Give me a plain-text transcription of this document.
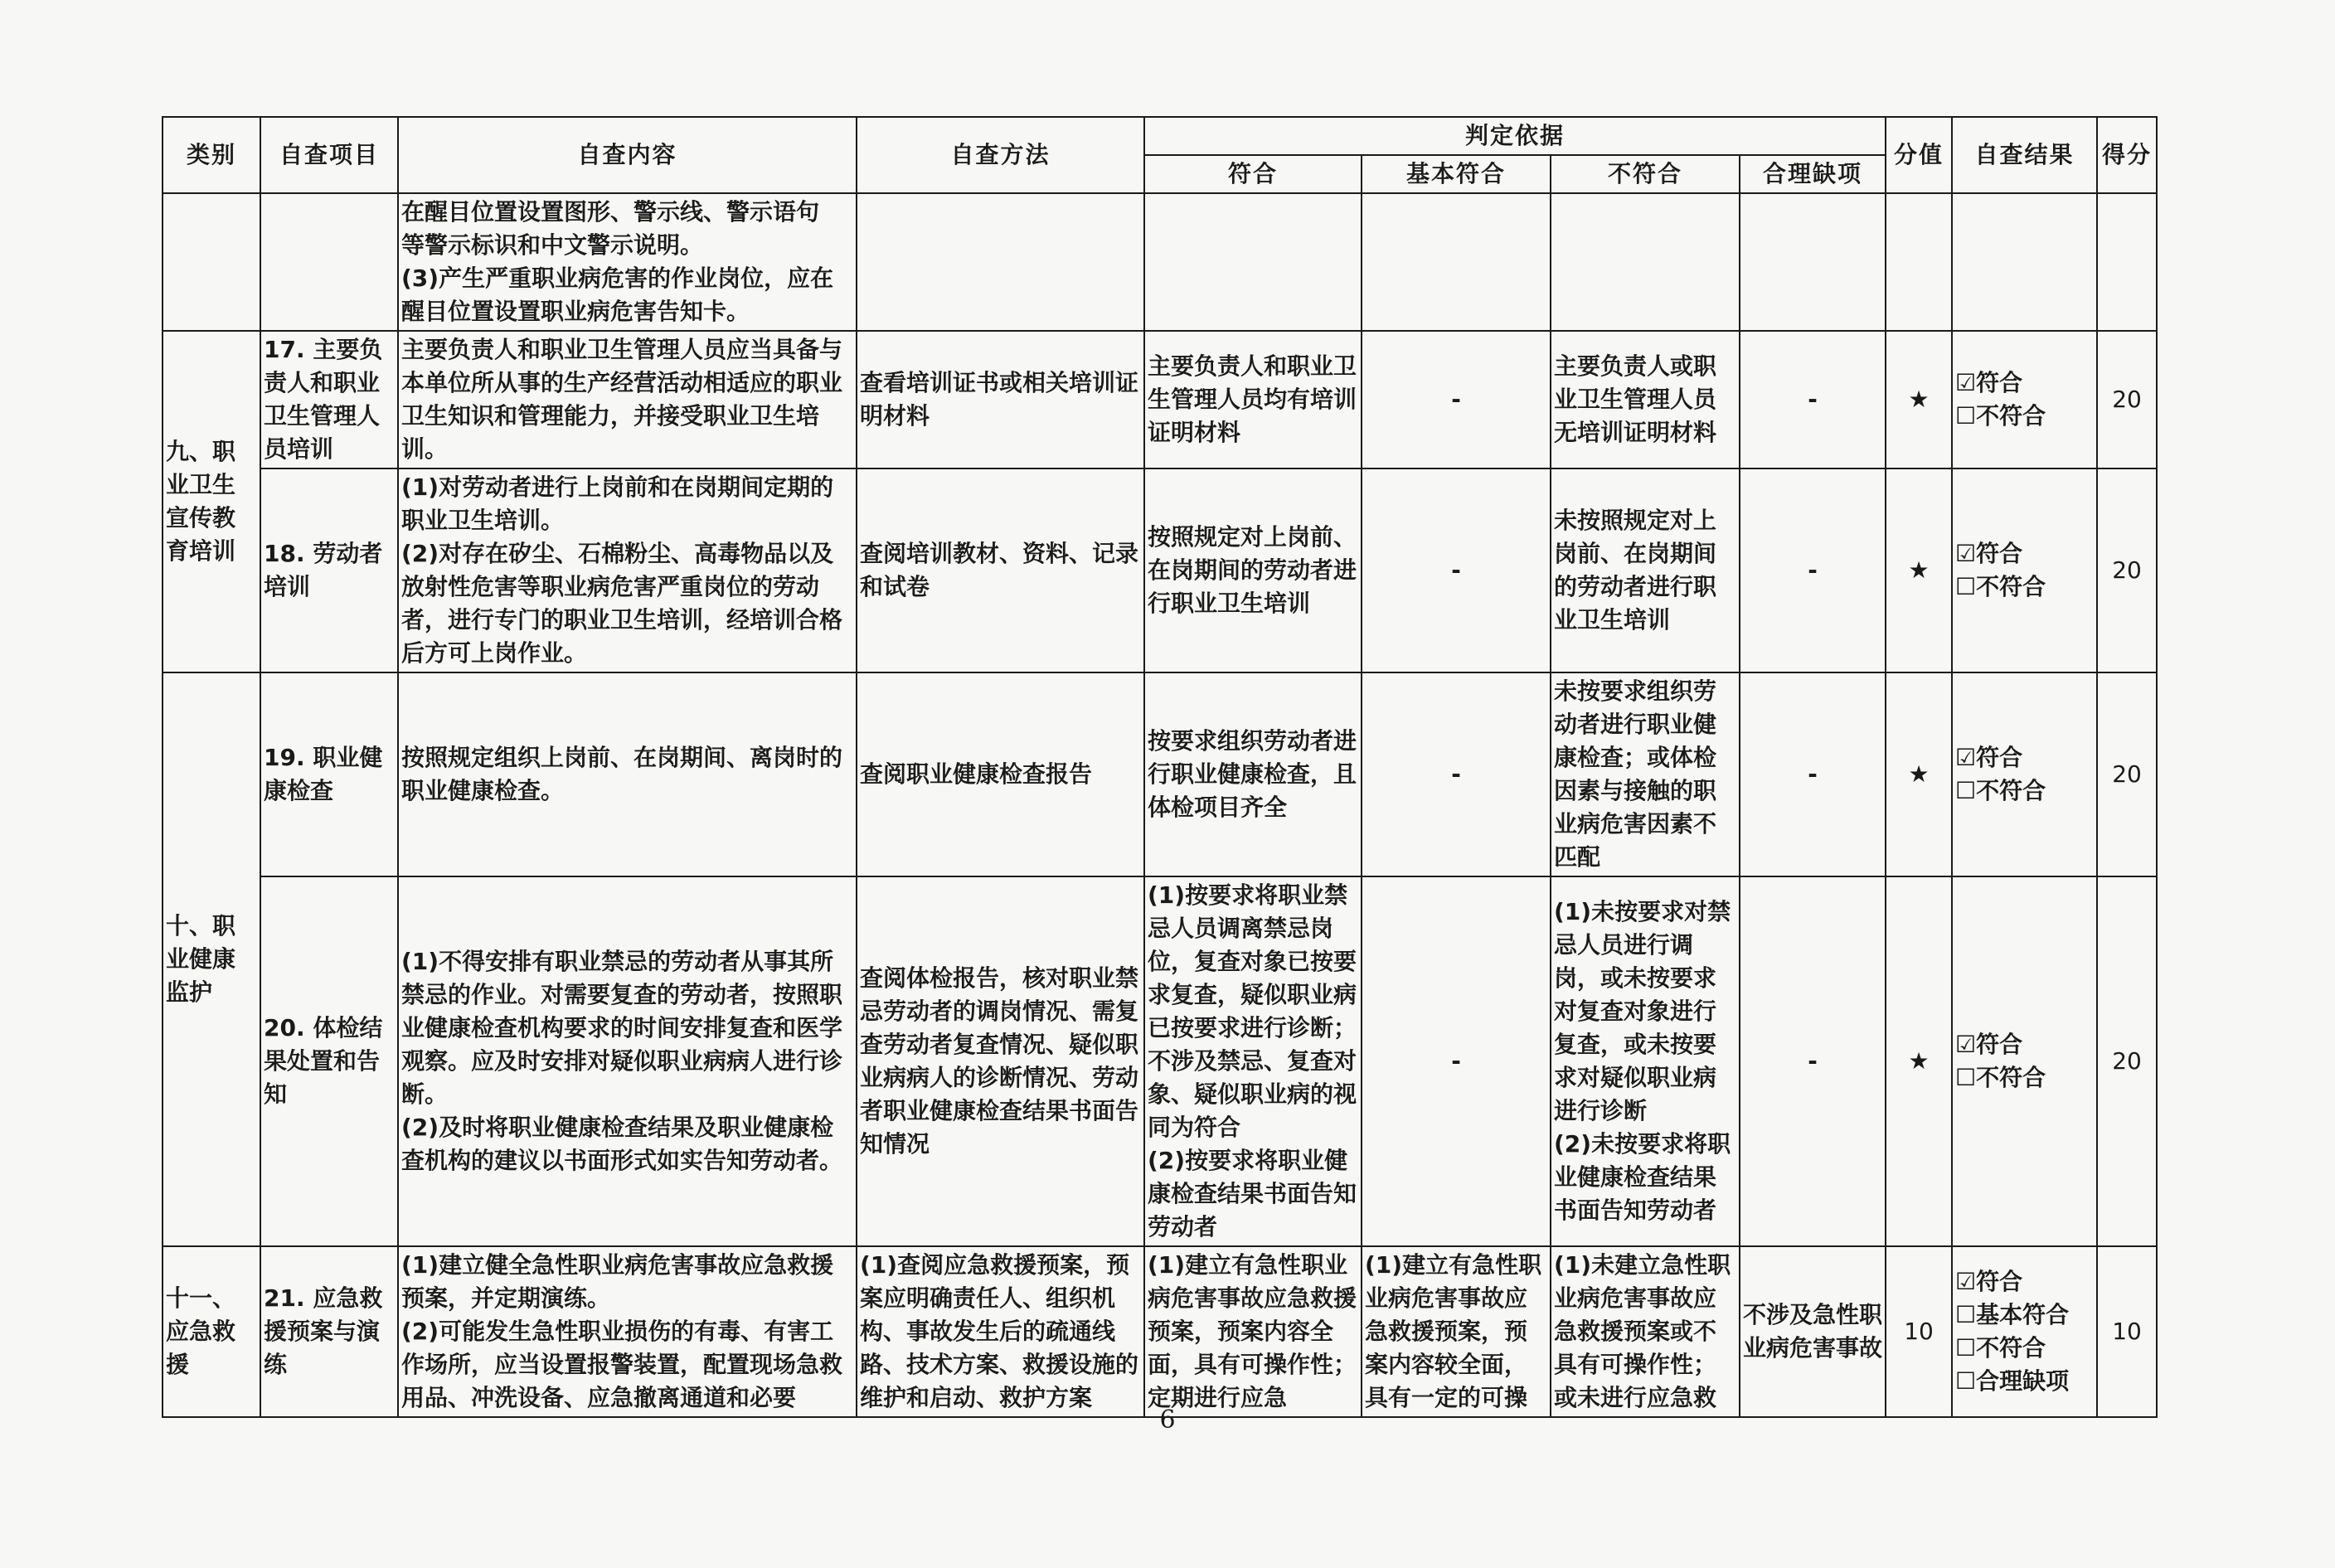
类别	自查项目	自查内容	自查方法	判定依据				分值	自查结果	得分
				符合	基本符合	不符合	合理缺项			

		在醒目位置设置图形、警示线、警示语句
等警示标识和中文警示说明。
(3)产生严重职业病危害的作业岗位，应在
醒目位置设置职业病危害告知卡。								

九、职业卫生宣传教育培训	17. 主要负责人和职业卫生管理人员培训	主要负责人和职业卫生管理人员应当具备与本单位所从事的生产经营活动相适应的职业卫生知识和管理能力，并接受职业卫生培训。	查看培训证书或相关培训证明材料	主要负责人和职业卫生管理人员均有培训证明材料	-	主要负责人或职业卫生管理人员无培训证明材料	-	★	☑符合
☐不符合	20
	18. 劳动者培训	(1)对劳动者进行上岗前和在岗期间定期的职业卫生培训。
(2)对存在矽尘、石棉粉尘、高毒物品以及放射性危害等职业病危害严重岗位的劳动者，进行专门的职业卫生培训，经培训合格后方可上岗作业。	查阅培训教材、资料、记录和试卷	按照规定对上岗前、在岗期间的劳动者进行职业卫生培训	-	未按照规定对上岗前、在岗期间的劳动者进行职业卫生培训	-	★	☑符合
☐不符合	20
十、职业健康监护	19. 职业健康检查	按照规定组织上岗前、在岗期间、离岗时的职业健康检查。	查阅职业健康检查报告	按要求组织劳动者进行职业健康检查，且体检项目齐全	-	未按要求组织劳动者进行职业健康检查；或体检因素与接触的职业病危害因素不匹配	-	★	☑符合
☐不符合	20
	20. 体检结果处置和告知	(1)不得安排有职业禁忌的劳动者从事其所禁忌的作业。对需要复查的劳动者，按照职业健康检查机构要求的时间安排复查和医学观察。应及时安排对疑似职业病病人进行诊断。
(2)及时将职业健康检查结果及职业健康检查机构的建议以书面形式如实告知劳动者。	查阅体检报告，核对职业禁忌劳动者的调岗情况、需复查劳动者复查情况、疑似职业病病人的诊断情况、劳动者职业健康检查结果书面告知情况	(1)按要求将职业禁忌人员调离禁忌岗位，复查对象已按要求复查，疑似职业病已按要求进行诊断；不涉及禁忌、复查对象、疑似职业病的视同为符合
(2)按要求将职业健康检查结果书面告知劳动者	-	(1)未按要求对禁忌人员进行调岗，或未按要求对复查对象进行复查，或未按要求对疑似职业病进行诊断
(2)未按要求将职业健康检查结果书面告知劳动者	-	★	☑符合
☐不符合	20
十一、应急救援	21. 应急救援预案与演练	(1)建立健全急性职业病危害事故应急救援预案，并定期演练。
(2)可能发生急性职业损伤的有毒、有害工作场所，应当设置报警装置，配置现场急救用品、冲洗设备、应急撤离通道和必要	(1)查阅应急救援预案，预案应明确责任人、组织机构、事故发生后的疏通线路、技术方案、救援设施的维护和启动、救护方案	(1)建立有急性职业病危害事故应急救援预案，预案内容全面，具有可操作性；定期进行应急	(1)建立有急性职业病危害事故应急救援预案，预案内容较全面，具有一定的可操	(1)未建立急性职业病危害事故应急救援预案或不具有可操作性；或未进行应急救	不涉及急性职业病危害事故	10	☑符合
☐基本符合
☐不符合
☐合理缺项	10
6
